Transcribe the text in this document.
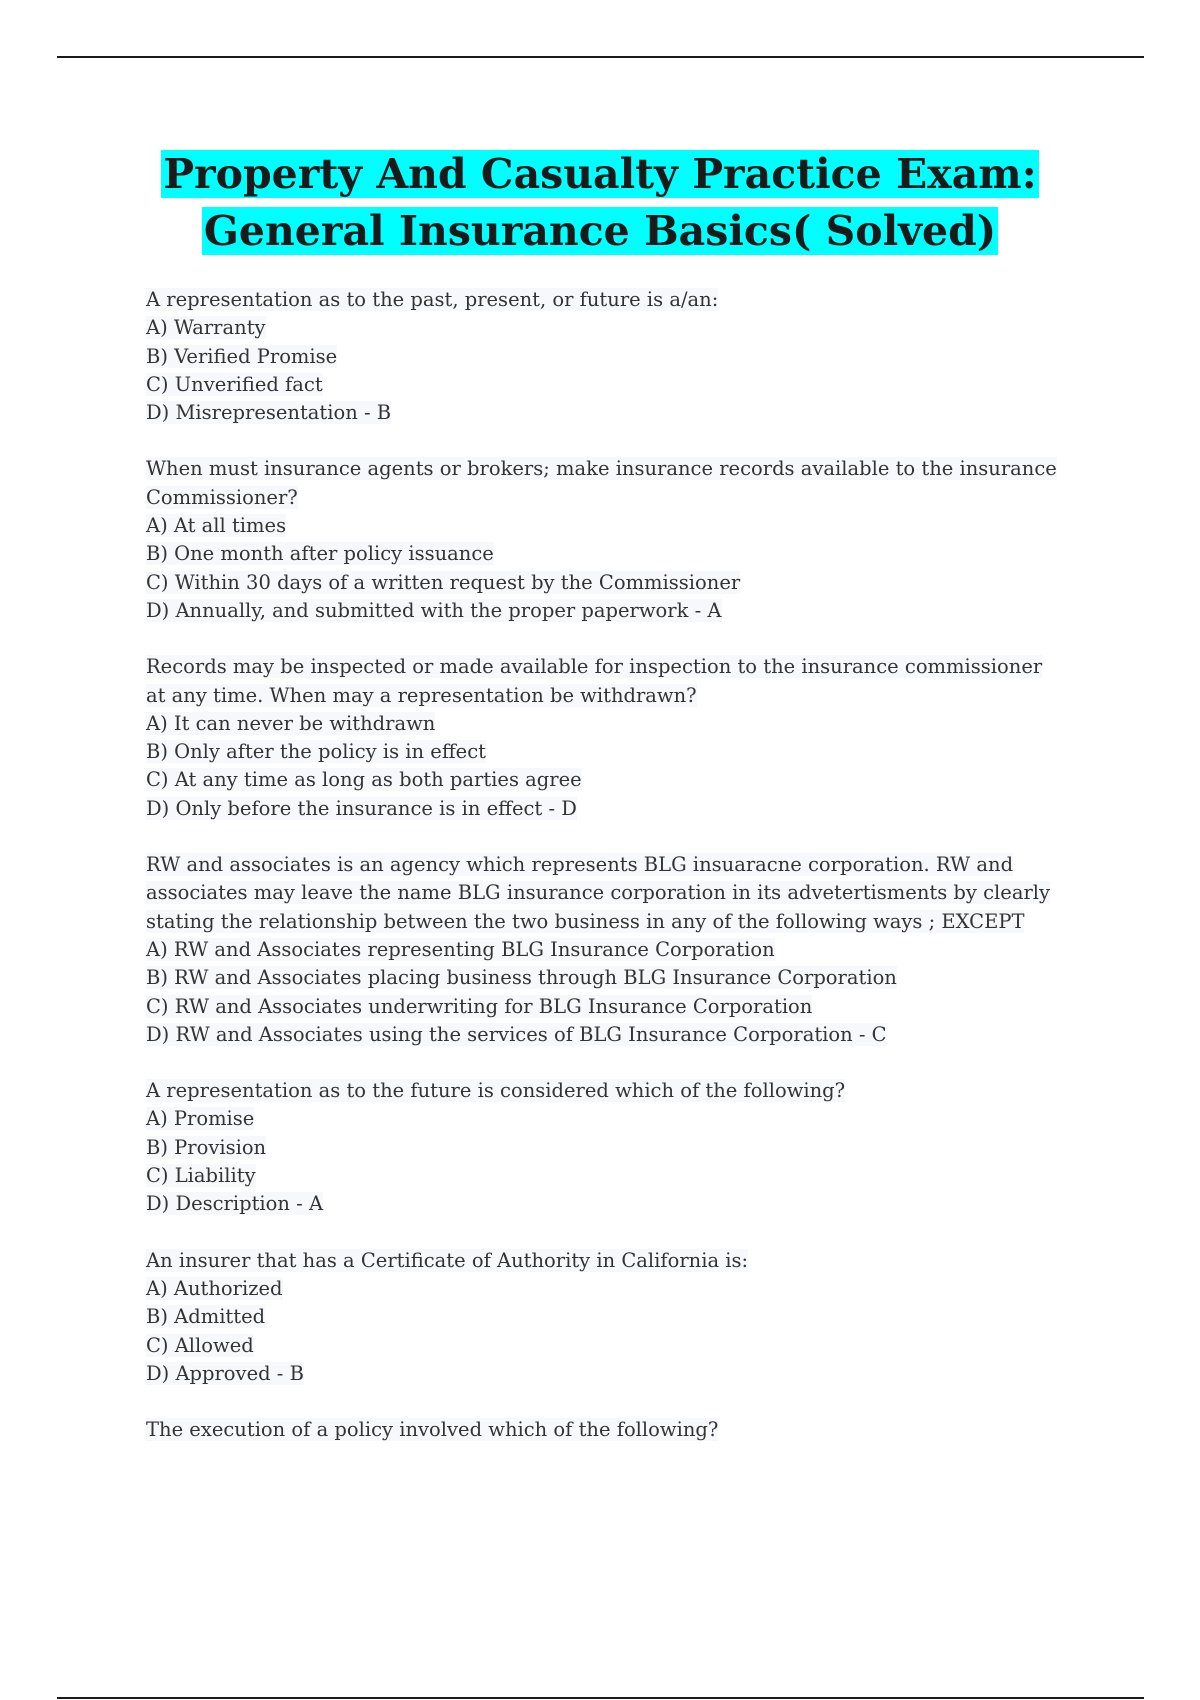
Property And Casualty Practice Exam:
General Insurance Basics( Solved)
A representation as to the past, present, or future is a/an:
A) Warranty
B) Verified Promise
C) Unverified fact
D) Misrepresentation - B
When must insurance agents or brokers; make insurance records available to the insurance
Commissioner?
A) At all times
B) One month after policy issuance
C) Within 30 days of a written request by the Commissioner
D) Annually, and submitted with the proper paperwork - A
Records may be inspected or made available for inspection to the insurance commissioner
at any time. When may a representation be withdrawn?
A) It can never be withdrawn
B) Only after the policy is in effect
C) At any time as long as both parties agree
D) Only before the insurance is in effect - D
RW and associates is an agency which represents BLG insuaracne corporation. RW and
associates may leave the name BLG insurance corporation in its advetertisments by clearly
stating the relationship between the two business in any of the following ways ; EXCEPT
A) RW and Associates representing BLG Insurance Corporation
B) RW and Associates placing business through BLG Insurance Corporation
C) RW and Associates underwriting for BLG Insurance Corporation
D) RW and Associates using the services of BLG Insurance Corporation - C
A representation as to the future is considered which of the following?
A) Promise
B) Provision
C) Liability
D) Description - A
An insurer that has a Certificate of Authority in California is:
A) Authorized
B) Admitted
C) Allowed
D) Approved - B
The execution of a policy involved which of the following?
